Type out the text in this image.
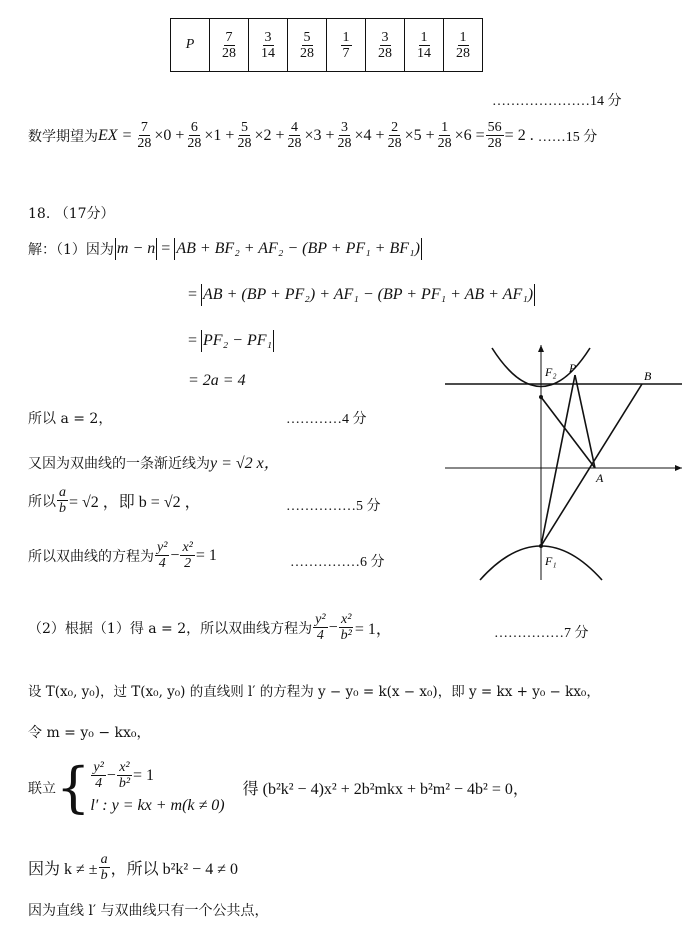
P	$\frac{7}{28}$	$\frac{3}{14}$	$\frac{5}{28}$	$\frac{1}{7}$	$\frac{3}{28}$	$\frac{1}{14}$	$\frac{1}{28}$
…………………14 分
数学期望为 EX = $\frac{7}{28} \times 0 + \frac{6}{28} \times 1 + \frac{5}{28} \times 2 + \frac{4}{28} \times 3 + \frac{3}{28} \times 4 + \frac{2}{28} \times 5 + \frac{1}{28} \times 6 = \frac{56}{28} = 2$ . ……15 分
18. （17分）
解：（1）因为 m − n = AB + BF₂ + AF₂ − (BP + PF₁ + BF₁)
= AB + (BP + PF₂) + AF₁ − (BP + PF₁ + AB + AF₁)
= PF₂ − PF₁
= 2a = 4
所以 a = 2，	…………4 分
又因为双曲线的一条渐近线为y = √2 x，
所以 $\frac{a}{b} = √2$ ，即 b = √2 ，	……………5 分
所以双曲线的方程为 $\frac{\text{y²}}{4} - \frac{\text{x²}}{2} = 1$	……………6 分
F₂ P
B
A
F₁
（2）根据（1）得 a = 2，所以双曲线方程为 $\frac{\text{y²}}{4} - \frac{\text{x²}}{\text{b²}} = 1$，	……………7 分
设 T(x₀, y₀)，过 T(x₀, y₀) 的直线则 l′ 的方程为 y − y₀ = k(x − x₀)，即 y = kx + y₀ − kx₀，
令 m = y₀ − kx₀，
联立 { $\frac{\text{y²}}{4} - \frac{\text{x²}}{\text{b²}} = 1$
l′ : y = kx + m(k ≠ 0)
得 (b²k² − 4)x² + 2b²mkx + b²m² − 4b² = 0，
因为 k ≠ ± $\frac{a}{b}$ ，所以 b²k² − 4 ≠ 0
因为直线 l′ 与双曲线只有一个公共点，
